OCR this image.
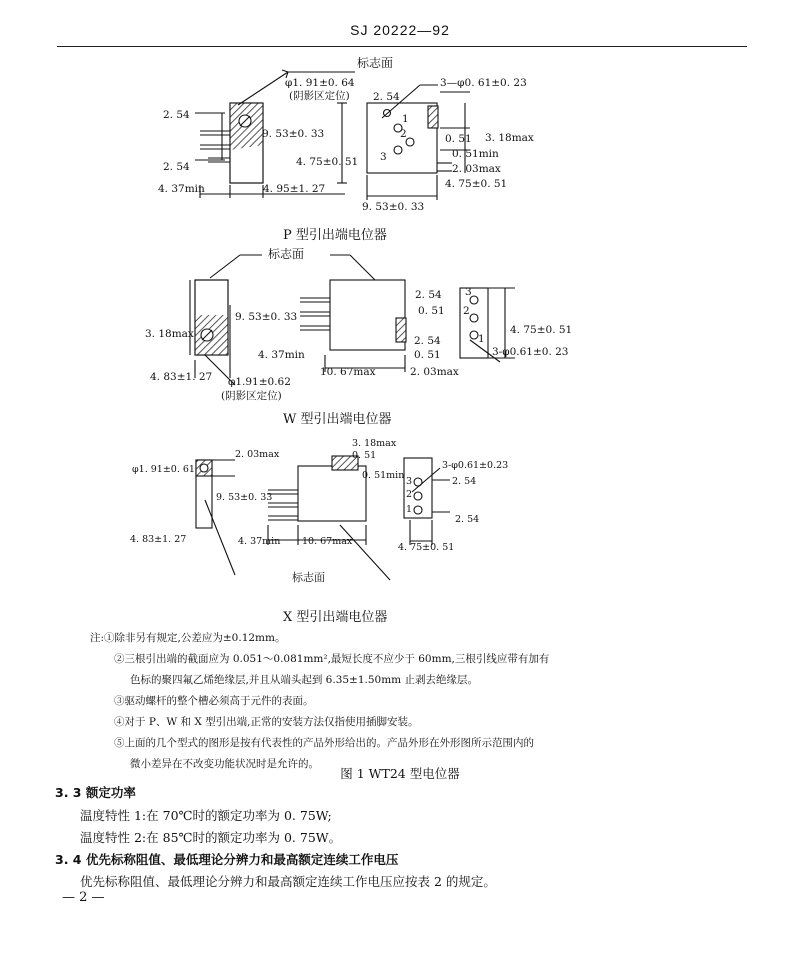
SJ 20222—92
标志面
φ1. 91±0. 64
(阴影区定位)
3—φ0. 61±0. 23
2. 54
2. 54
2. 54
9. 53±0. 33
4. 75±0. 51
0. 51 3. 18max
0. 51min
2. 03max
4. 75±0. 51
4. 37min	4. 95±1. 27
9. 53±0. 33
1
2
3
标志面
9. 53±0. 33
3. 18max
4. 37min
4. 83±1. 27 φ1.91±0.62
(阴影区定位)
10. 67max	2. 03max
2. 54
0. 51
2. 54
0. 51
4. 75±0. 51
3-φ0.61±0. 23
3
2
1
φ1. 91±0. 61
2. 03max
9. 53±0. 33
4. 83±1. 27	4. 37min 10. 67max
3. 18max
0. 51
0. 51min
3-φ0.61±0.23
2. 54
2. 54
4. 75±0. 51
3
2
1
标志面
P 型引出端电位器
W 型引出端电位器
X 型引出端电位器
注:①除非另有规定,公差应为±0.12mm。
②三根引出端的截面应为 0.051～0.081mm²,最短长度不应少于 60mm,三根引线应带有加有
色标的聚四氟乙烯绝缘层,并且从端头起到 6.35±1.50mm 止剥去绝缘层。
③驱动螺杆的整个槽必须高于元件的表面。
④对于 P、W 和 X 型引出端,正常的安装方法仅指使用插脚安装。
⑤上面的几个型式的图形是按有代表性的产品外形给出的。产品外形在外形图所示范围内的
微小差异在不改变功能状况时是允许的。
图 1 WT24 型电位器
3. 3 额定功率
温度特性 1:在 70℃时的额定功率为 0. 75W;
温度特性 2:在 85℃时的额定功率为 0. 75W。
3. 4 优先标称阻值、最低理论分辨力和最高额定连续工作电压
优先标称阻值、最低理论分辨力和最高额定连续工作电压应按表 2 的规定。
— 2 —
